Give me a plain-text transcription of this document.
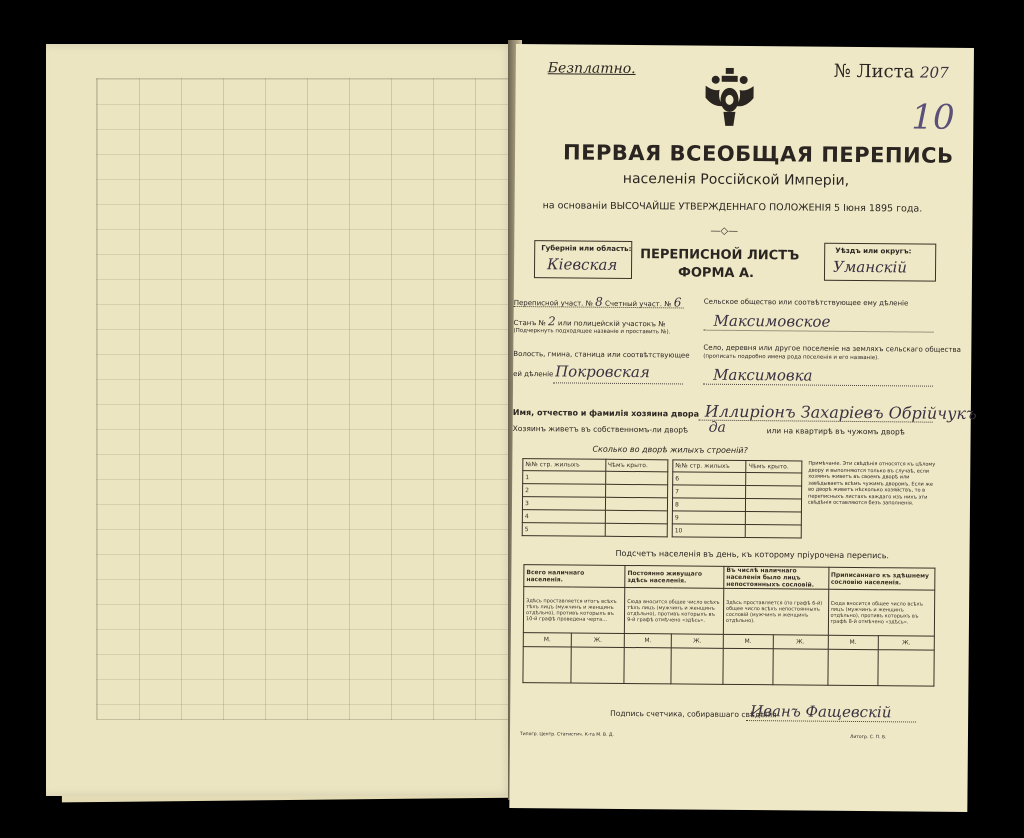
Безплатно.	№ Листа 207
10
ПЕРВАЯ ВСЕОБЩАЯ ПЕРЕПИСЬ
населенія Россійской Имперіи,
на основаніи ВЫСОЧАЙШЕ УТВЕРЖДЕННАГО ПОЛОЖЕНІЯ 5 Іюня 1895 года.
—◇—
Губернія или область:
Кіевская ПЕРЕПИСНОЙ ЛИСТЪ
ФОРМА А.
Уѣздъ или округъ:
Уманскій
Переписной участ. № 8 Счетный участ. № 6
Станъ № 2 или полицейскій участокъ №
(Подчеркнуть подходящее названіе и проставить №).
Волость, гмина, станица или соотвѣтствующее
ей дѣленіе Покровская
Сельское общество или соотвѣтствующее ему дѣленіе
Максимовское
Село, деревня или другое поселеніе на земляхъ сельскаго общества
(прописать подробно имена рода поселенія и его названіе).
Максимовка
Имя, отчество и фамилія хозяина двора Иллиріонъ Захаріевъ Обрійчукъ
Хозяинъ живетъ въ собственномъ-ли дворѣ да	или на квартирѣ въ чужомъ дворѣ
Сколько во дворѣ жилыхъ строеній?
№№ стр. жилыхъ	Чѣмъ крыто.
1	
2	
3	
4	
5	
№№ стр. жилыхъ	Чѣмъ крыто.
6	
7	
8	
9	
10	
Примѣчаніе. Эти свѣдѣнія относятся къ цѣлому двору и выполняются только въ случаѣ, если хозяинъ живетъ въ своемъ дворѣ или завѣдываетъ всѣмъ чужимъ дворомъ. Если же во дворѣ живетъ нѣсколько хозяйствъ, то в переписныхъ листахъ каждаго изъ нихъ эти свѣдѣнія оставляются безъ заполненія.
Подсчетъ населенія въ день, къ которому пріурочена перепись.
Всего наличнаго населенія.		Постоянно живущаго здѣсь населенія.		Въ числѣ наличнаго населенія было лицъ непостоянныхъ сословій.		Приписаннаго къ здѣшнему сословію населенія.	
Здѣсь проставляется итогъ всѣхъ тѣхъ лицъ (мужчинъ и женщинъ отдѣльно), противъ которыхъ въ 10-й графѣ проведена черта...		Сюда вносится общее число всѣхъ тѣхъ лицъ (мужчинъ и женщинъ отдѣльно), противъ которыхъ въ 9-й графѣ отмѣчено «здѣсь».		Здѣсь проставляется (по графѣ 6-й) общее число всѣхъ непостоянныхъ сословій (мужчинъ и женщинъ отдѣльно).		Сюда вносится общее число всѣхъ лицъ (мужчинъ и женщинъ отдѣльно), противъ которыхъ въ графѣ 8-й отмѣчено «здѣсь».	
М.	Ж.	М.	Ж.	М.	Ж.	М.	Ж.

Подпись счетчика, собиравшаго свѣдѣнія
Иванъ Фащевскій
Типогр. Центр. Статистич. К-та М. В. Д.	Литогр. С. П. Б.
